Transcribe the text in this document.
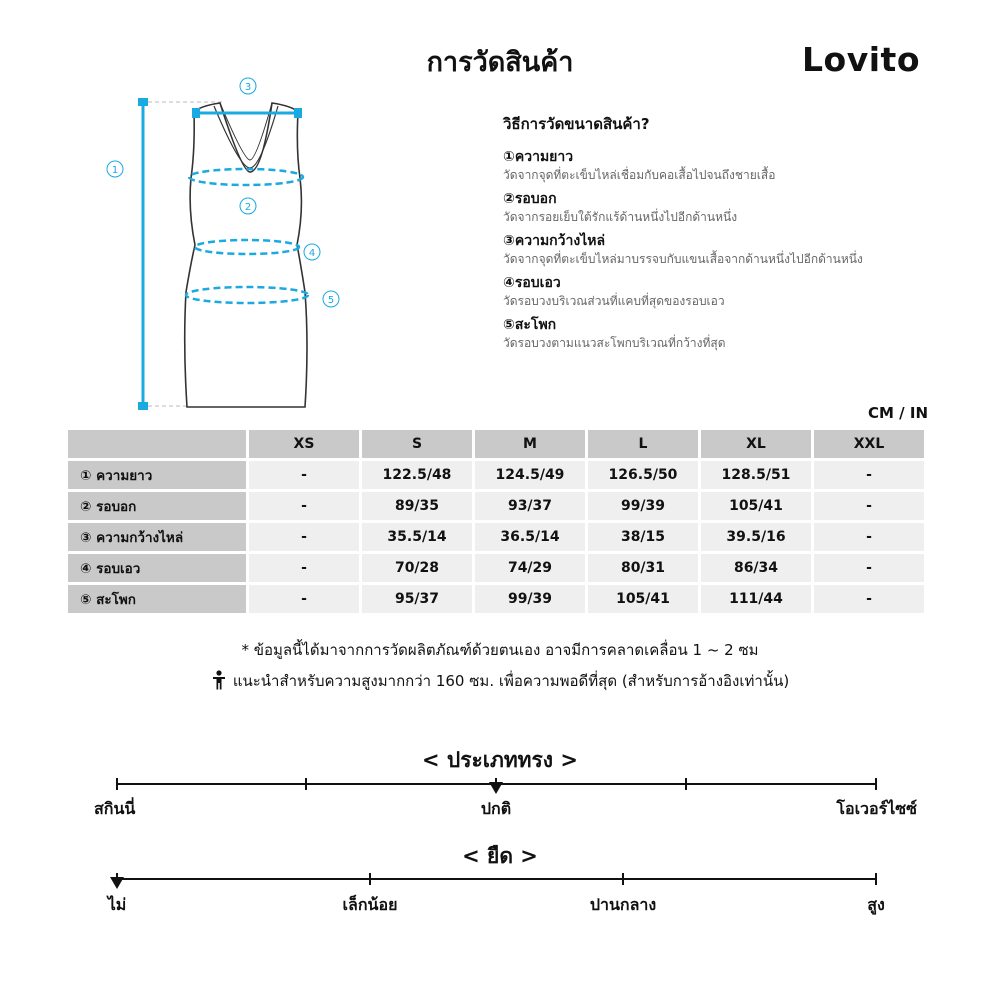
การวัดสินค้า	Lovito
1
3
2
4
5
วิธีการวัดขนาดสินค้า?
①ความยาว
วัดจากจุดที่ตะเข็บไหล่เชื่อมกับคอเสื้อไปจนถึงชายเสื้อ
②รอบอก
วัดจากรอยเย็บใต้รักแร้ด้านหนึ่งไปอีกด้านหนึ่ง
③ความกว้างไหล่
วัดจากจุดที่ตะเข็บไหล่มาบรรจบกับแขนเสื้อจากด้านหนึ่งไปอีกด้านหนึ่ง
④รอบเอว
วัดรอบวงบริเวณส่วนที่แคบที่สุดของรอบเอว
⑤สะโพก
วัดรอบวงตามแนวสะโพกบริเวณที่กว้างที่สุด
CM / IN
	XS	S	M	L	XL	XXL
① ความยาว	-	122.5/48	124.5/49	126.5/50	128.5/51	-
② รอบอก	-	89/35	93/37	99/39	105/41	-
③ ความกว้างไหล่	-	35.5/14	36.5/14	38/15	39.5/16	-
④ รอบเอว	-	70/28	74/29	80/31	86/34	-
⑤ สะโพก	-	95/37	99/39	105/41	111/44	-
* ข้อมูลนี้ได้มาจากการวัดผลิตภัณฑ์ด้วยตนเอง อาจมีการคลาดเคลื่อน 1 ~ 2 ซม
แนะนำสำหรับความสูงมากกว่า 160 ซม. เพื่อความพอดีที่สุด (สำหรับการอ้างอิงเท่านั้น)
< ประเภททรง >
สกินนี่	ปกติ	โอเวอร์ไซซ์
< ยืด >
ไม่	เล็กน้อย	ปานกลาง	สูง
